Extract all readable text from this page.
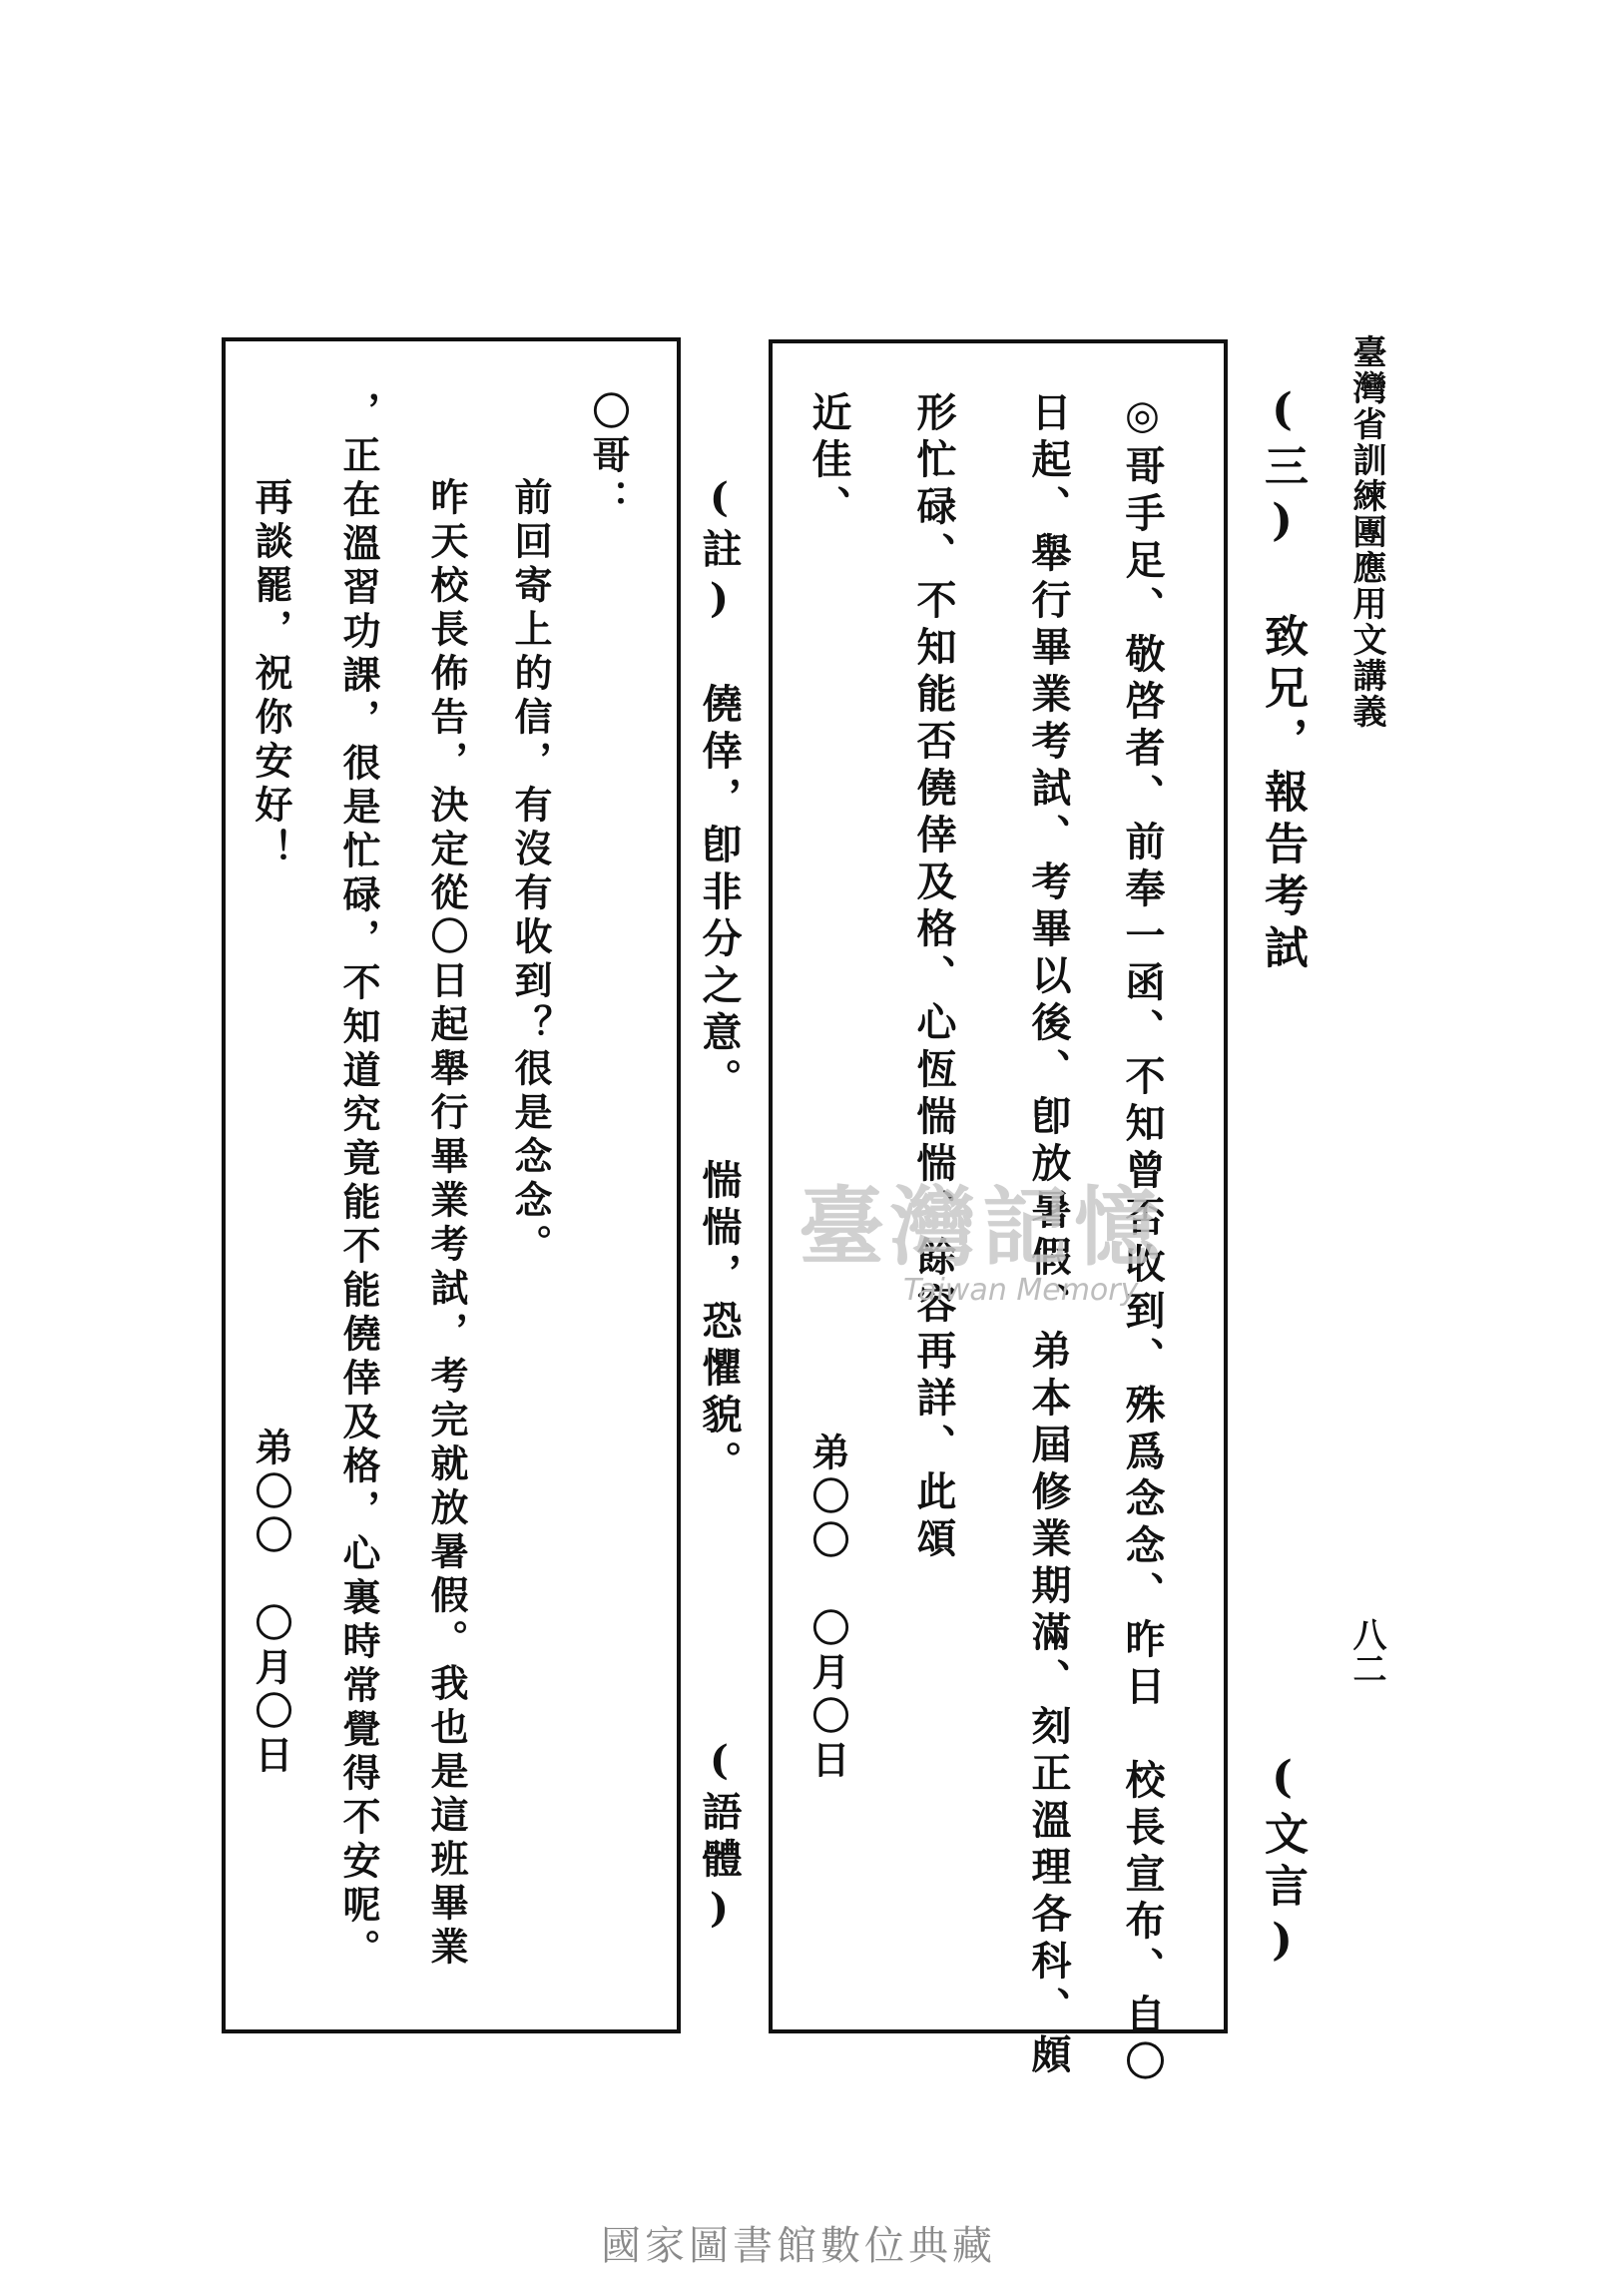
臺灣省訓練團應用文講義
八二
(三) 致兄，報告考試
(文言)
◎哥手足、敬啓者、前奉一函、不知曾否收到、殊爲念念、昨日　校長宣布、自〇
日起、舉行畢業考試、考畢以後、卽放暑假、弟本屆修業期滿、刻正溫理各科、頗
形忙碌、不知能否僥倖及格、心恆惴惴、餘容再詳、此頌
近佳、
弟〇〇　〇月〇日
(註) 僥倖，卽非分之意。 惴惴，恐懼貌。
(語體)
〇哥：
前回寄上的信，有沒有收到？很是念念。
昨天校長佈告，決定從〇日起舉行畢業考試，考完就放暑假。我也是這班畢業
，正在溫習功課，很是忙碌，不知道究竟能不能僥倖及格，心裏時常覺得不安呢。
再談罷，祝你安好！
弟〇〇　〇月〇日
臺灣記憶
Taiwan Memory
國家圖書館數位典藏
